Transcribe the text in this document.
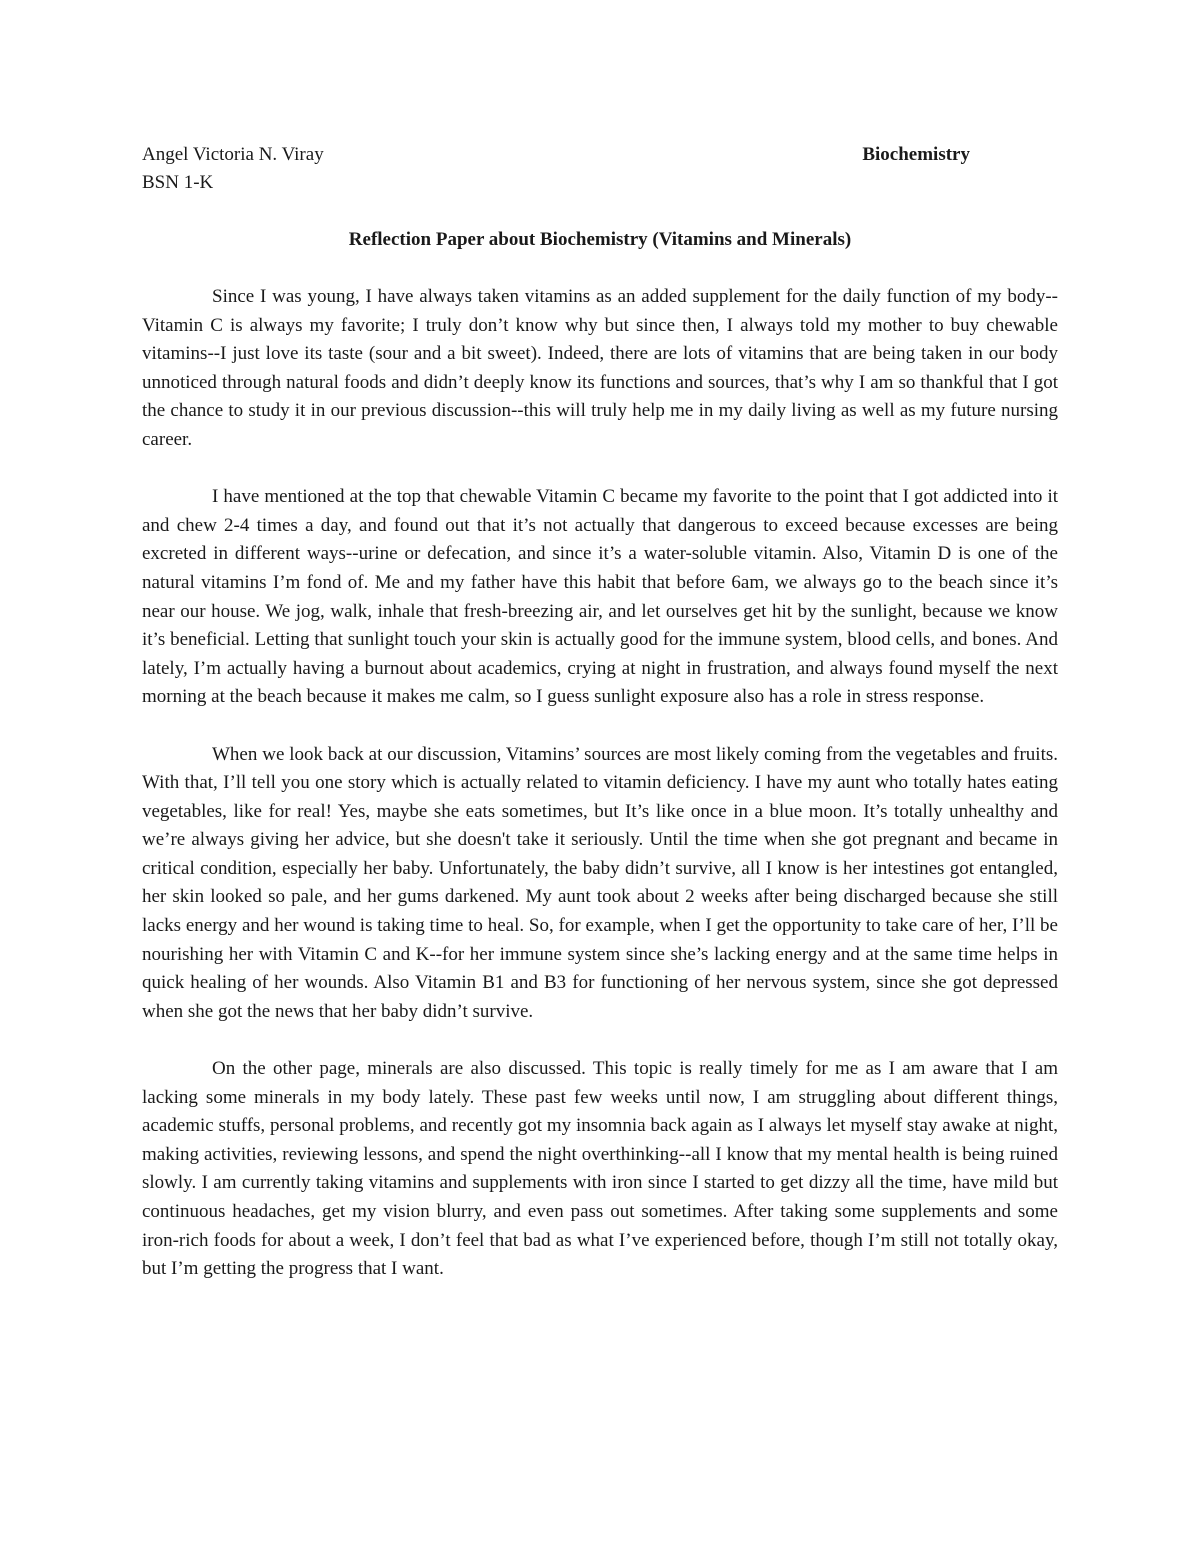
Angel Victoria N. Viray	Biochemistry
BSN 1-K
Reflection Paper about Biochemistry (Vitamins and Minerals)

Since I was young, I have always taken vitamins as an added supplement for the daily function of my body--Vitamin C is always my favorite; I truly don’t know why but since then, I always told my mother to buy chewable vitamins--I just love its taste (sour and a bit sweet). Indeed, there are lots of vitamins that are being taken in our body unnoticed through natural foods and didn’t deeply know its functions and sources, that’s why I am so thankful that I got the chance to study it in our previous discussion--this will truly help me in my daily living as well as my future nursing career.

I have mentioned at the top that chewable Vitamin C became my favorite to the point that I got addicted into it and chew 2-4 times a day, and found out that it’s not actually that dangerous to exceed because excesses are being excreted in different ways--urine or defecation, and since it’s a water-soluble vitamin. Also, Vitamin D is one of the natural vitamins I’m fond of. Me and my father have this habit that before 6am, we always go to the beach since it’s near our house. We jog, walk, inhale that fresh-breezing air, and let ourselves get hit by the sunlight, because we know it’s beneficial. Letting that sunlight touch your skin is actually good for the immune system, blood cells, and bones. And lately, I’m actually having a burnout about academics, crying at night in frustration, and always found myself the next morning at the beach because it makes me calm, so I guess sunlight exposure also has a role in stress response.

When we look back at our discussion, Vitamins’ sources are most likely coming from the vegetables and fruits. With that, I’ll tell you one story which is actually related to vitamin deficiency. I have my aunt who totally hates eating vegetables, like for real! Yes, maybe she eats sometimes, but It’s like once in a blue moon. It’s totally unhealthy and we’re always giving her advice, but she doesn't take it seriously. Until the time when she got pregnant and became in critical condition, especially her baby. Unfortunately, the baby didn’t survive, all I know is her intestines got entangled, her skin looked so pale, and her gums darkened. My aunt took about 2 weeks after being discharged because she still lacks energy and her wound is taking time to heal. So, for example, when I get the opportunity to take care of her, I’ll be nourishing her with Vitamin C and K--for her immune system since she’s lacking energy and at the same time helps in quick healing of her wounds. Also Vitamin B1 and B3 for functioning of her nervous system, since she got depressed when she got the news that her baby didn’t survive.

On the other page, minerals are also discussed. This topic is really timely for me as I am aware that I am lacking some minerals in my body lately. These past few weeks until now, I am struggling about different things, academic stuffs, personal problems, and recently got my insomnia back again as I always let myself stay awake at night, making activities, reviewing lessons, and spend the night overthinking--all I know that my mental health is being ruined slowly. I am currently taking vitamins and supplements with iron since I started to get dizzy all the time, have mild but continuous headaches, get my vision blurry, and even pass out sometimes. After taking some supplements and some iron-rich foods for about a week, I don’t feel that bad as what I’ve experienced before, though I’m still not totally okay, but I’m getting the progress that I want.
